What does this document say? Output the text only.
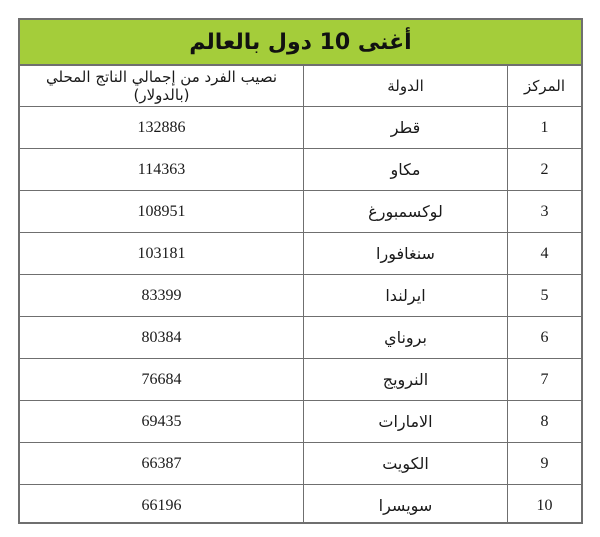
أغنى 10 دول بالعالم
المركز	الدولة	نصيب الفرد من إجمالي الناتج المحلي (بالدولار)
1	قطر	132886
2	مكاو	114363
3	لوكسمبورغ	108951
4	سنغافورا	103181
5	ايرلندا	83399
6	بروناي	80384
7	النرويج	76684
8	الامارات	69435
9	الكويت	66387
10	سويسرا	66196
